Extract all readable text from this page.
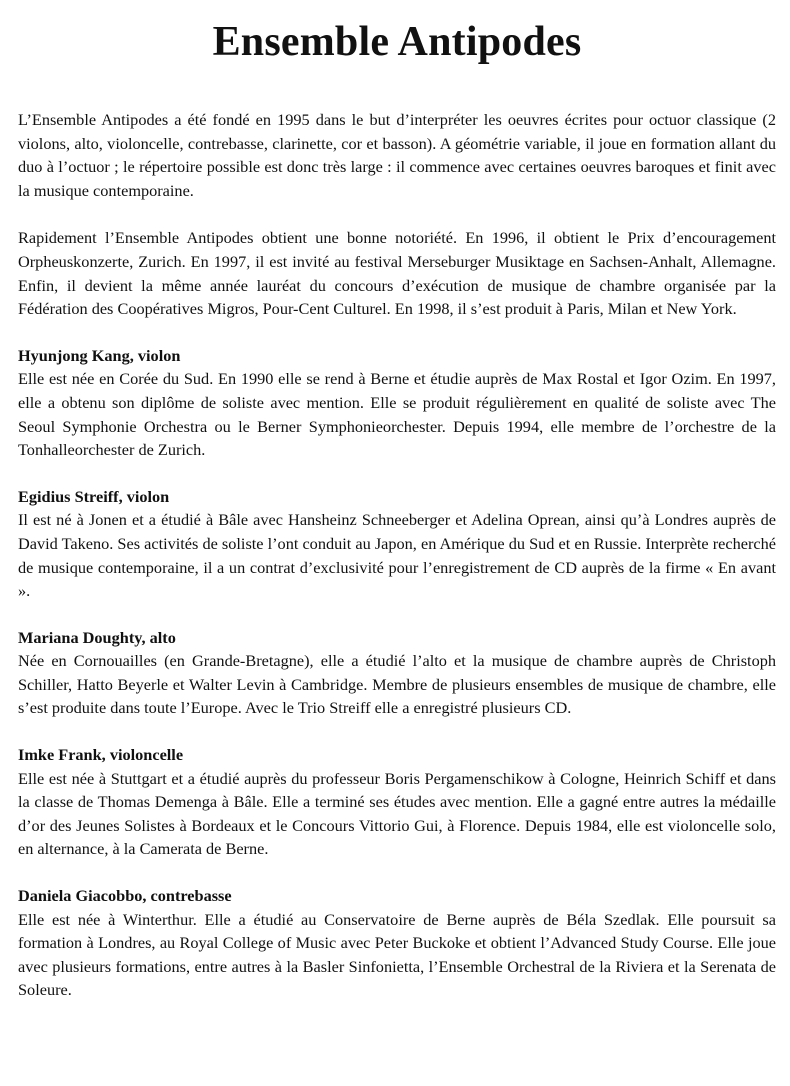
Ensemble Antipodes

L’Ensemble Antipodes a été fondé en 1995 dans le but d’interpréter les oeuvres écrites pour octuor classique (2 violons, alto, violoncelle, contrebasse, clarinette, cor et basson). A géométrie variable, il joue en formation allant du duo à l’octuor ; le répertoire possible est donc très large : il commence avec certaines oeuvres baroques et finit avec la musique contemporaine.

Rapidement l’Ensemble Antipodes obtient une bonne notoriété. En 1996, il obtient le Prix d’encouragement Orpheuskonzerte, Zurich. En 1997, il est invité au festival Merseburger Musiktage en Sachsen-Anhalt, Allemagne. Enfin, il devient la même année lauréat du concours d’exécution de musique de chambre organisée par la Fédération des Coopératives Migros, Pour-Cent Culturel. En 1998, il s’est produit à Paris, Milan et New York.

Hyunjong Kang, violon

Elle est née en Corée du Sud. En 1990 elle se rend à Berne et étudie auprès de Max Rostal et Igor Ozim. En 1997, elle a obtenu son diplôme de soliste avec mention. Elle se produit régulièrement en qualité de soliste avec The Seoul Symphonie Orchestra ou le Berner Symphonieorchester. Depuis 1994, elle membre de l’orchestre de la Tonhalleorchester de Zurich.

Egidius Streiff, violon

Il est né à Jonen et a étudié à Bâle avec Hansheinz Schneeberger et Adelina Oprean, ainsi qu’à Londres auprès de David Takeno. Ses activités de soliste l’ont conduit au Japon, en Amérique du Sud et en Russie. Interprète recherché de musique contemporaine, il a un contrat d’exclusivité pour l’enregistrement de CD auprès de la firme « En avant ».

Mariana Doughty, alto

Née en Cornouailles (en Grande-Bretagne), elle a étudié l’alto et la musique de chambre auprès de Christoph Schiller, Hatto Beyerle et Walter Levin à Cambridge. Membre de plusieurs ensembles de musique de chambre, elle s’est produite dans toute l’Europe. Avec le Trio Streiff elle a enregistré plusieurs CD.

Imke Frank, violoncelle

Elle est née à Stuttgart et a étudié auprès du professeur Boris Pergamenschikow à Cologne, Heinrich Schiff et dans la classe de Thomas Demenga à Bâle. Elle a terminé ses études avec mention. Elle a gagné entre autres la médaille d’or des Jeunes Solistes à Bordeaux et le Concours Vittorio Gui, à Florence. Depuis 1984, elle est violoncelle solo, en alternance, à la Camerata de Berne.

Daniela Giacobbo, contrebasse

Elle est née à Winterthur. Elle a étudié au Conservatoire de Berne auprès de Béla Szedlak. Elle poursuit sa formation à Londres, au Royal College of Music avec Peter Buckoke et obtient l’Advanced Study Course. Elle joue avec plusieurs formations, entre autres à la Basler Sinfonietta, l’Ensemble Orchestral de la Riviera et la Serenata de Soleure.
